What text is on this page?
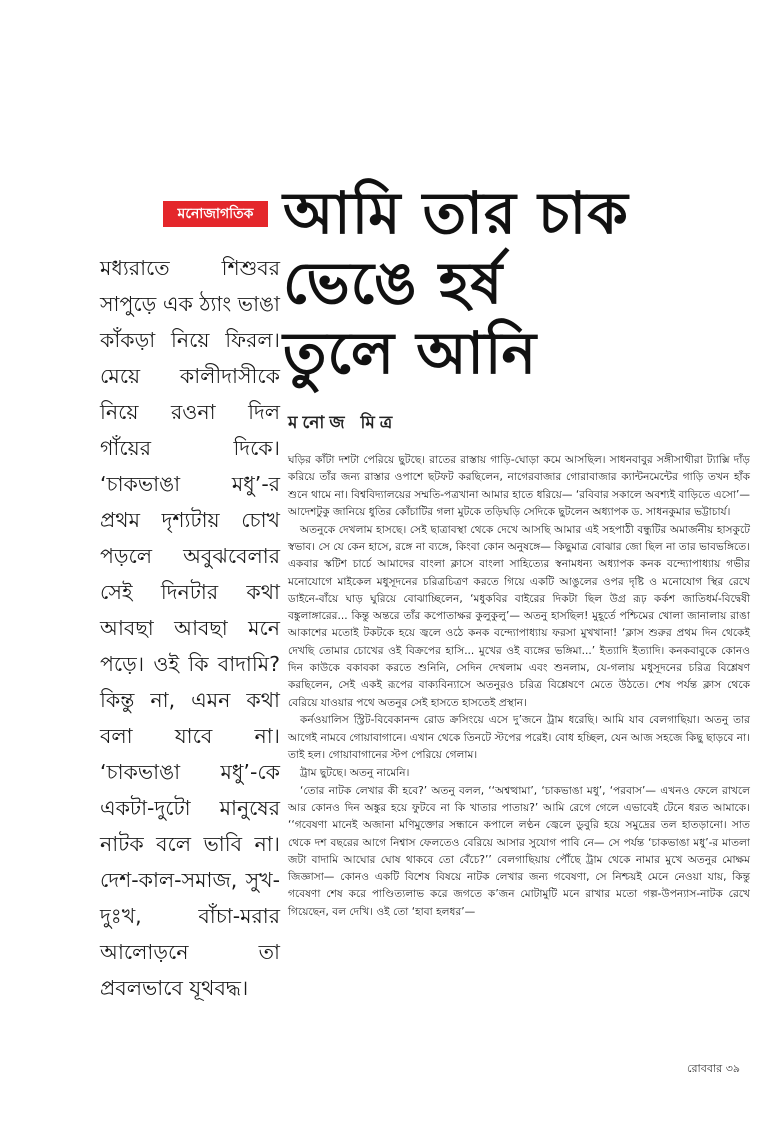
মনোজাগতিক আমি তার চাক
ভেঙে হর্ষ
তুলে আনি
মনোজ মিত্র
মধ্যরাতে শিশুবর সাপুড়ে এক ঠ্যাং ভাঙা কাঁকড়া নিয়ে ফিরল। মেয়ে কালীদাসীকে নিয়ে রওনা দিল গাঁয়ের দিকে। ‘চাকভাঙা মধু’-র প্রথম দৃশ্যটায় চোখ পড়লে অবুঝবেলার সেই দিনটার কথা আবছা আবছা মনে পড়ে। ওই কি বাদামি? কিন্তু না, এমন কথা বলা যাবে না। ‘চাকভাঙা মধু’-কে একটা-দুটো মানুষের নাটক বলে ভাবি না। দেশ-কাল-সমাজ, সুখ-দুঃখ, বাঁচা-মরার আলোড়নে তা প্রবলভাবে যূথবদ্ধ।

ঘড়ির কাঁটা দশটা পেরিয়ে ছুটছে। রাতের রাস্তায় গাড়ি-ঘোড়া কমে আসছিল। সাধনবাবুর সঙ্গীসাথীরা ট্যাক্সি দাঁড় করিয়ে তাঁর জন্য রাস্তার ওপাশে ছটফট করছিলেন, নাগেরবাজার গোরাবাজার ক্যান্টনমেন্টের গাড়ি তখন হাঁক শুনে থামে না। বিশ্ববিদ্যালয়ের সম্মতি-পত্রখানা আমার হাতে ধরিয়ে— ‘রবিবার সকালে অবশ্যই বাড়িতে এসো’— আদেশটুকু জানিয়ে ধুতির কোঁচাটির গলা মুটকে তড়িঘড়ি সেদিকে ছুটলেন অধ্যাপক ড. সাধনকুমার ভট্টাচার্য।

অতনুকে দেখলাম হাসছে। সেই ছাত্রাবস্থা থেকে দেখে আসছি আমার এই সহপাঠী বন্ধুটির অমার্জনীয় হাসকুটে স্বভাব। সে যে কেন হাসে, রঙ্গে না ব্যঙ্গে, কিংবা কোন অনুষঙ্গে— কিছুমাত্র বোঝার জো ছিল না তার ভাবভঙ্গিতে। একবার স্কটিশ চার্চে আমাদের বাংলা ক্লাসে বাংলা সাহিত্যের স্বনামধন্য অধ্যাপক কনক বন্দ্যোপাধ্যায় গভীর মনোযোগে মাইকেল মধুসূদনের চরিত্রচিত্রণ করতে গিয়ে একটি আঙুলের ওপর দৃষ্টি ও মনোযোগ স্থির রেখে ডাইনে-বাঁয়ে ঘাড় ঘুরিয়ে বোঝাচ্ছিলেন, ‘মধুকবির বাইরের দিকটা ছিল উগ্র রূঢ় কর্কশ জাতিধর্ম-বিদ্বেষী বঙ্কুলাঙ্গারের... কিন্তু অন্তরে তাঁর কপোতাক্ষর কুলুকুলু’— অতনু হাসছিল! মুহূর্তে পশ্চিমের খোলা জানালায় রাঙা আকাশের মতোই টকটকে হয়ে জ্বলে ওঠে কনক বন্দ্যোপাধ্যায় ফরসা মুখখানা! ‘ক্লাস শুরুর প্রথম দিন থেকেই দেখছি তোমার চোখের ওই বিক্রপের হাসি... মুখের ওই ব্যঙ্গের ভঙ্গিমা...’ ইত্যাদি ইত্যাদি। কনকবাবুকে কোনও দিন কাউকে বকাবকা করতে শুনিনি, সেদিন দেখলাম এবং শুনলাম, যে-গলায় মধুসূদনের চরিত্র বিশ্লেষণ করছিলেন, সেই একই রূপের বাক্যবিন্যাসে অতনুরও চরিত্র বিশ্লেষণে মেতে উঠতে। শেষ পর্যন্ত ক্লাস থেকে বেরিয়ে যাওয়ার পথে অতনুর সেই হাসতে হাসতেই প্রস্থান।

কর্নওয়ালিস স্ট্রিট-বিবেকানন্দ রোড ক্রসিংয়ে এসে দু’জনে ট্রাম ধরেছি। আমি যাব বেলগাছিয়া। অতনু তার আগেই নামবে গোয়াবাগানে। এখান থেকে তিনটে স্টপের পরেই। বোধ হচ্ছিল, যেন আজ সহজে কিছু ছাড়বে না। তাই হল। গোয়াবাগানের স্টপ পেরিয়ে গেলাম।

ট্রাম ছুটছে। অতনু নামেনি।

‘তোর নাটক লেখার কী হবে?’ অতনু বলল, ‘‘অশ্বত্থামা’, ‘চাকভাঙা মধু’, ‘পরবাস’— এখনও ফেলে রাখলে আর কোনও দিন অঙ্কুর হয়ে ফুটবে না কি খাতার পাতায়?’ আমি রেগে গেলে এভাবেই টেনে ধরত আমাকে। ‘‘গবেষণা মানেই অজানা মণিমুক্তোর সন্ধানে কপালে লণ্ঠন জ্বেলে ডুবুরি হয়ে সমুদ্রের তল হাতড়ানো। সাত থেকে দশ বছরের আগে নিশ্বাস ফেলতেও বেরিয়ে আসার সুযোগ পাবি নে— সে পর্যন্ত ‘চাকভাঙা মধু’-র মাতলা জটা বাদামি আঘোর ঘোষ থাকবে তো বেঁচে?’’ বেলগাছিয়ায় পৌঁছে ট্রাম থেকে নামার মুখে অতনুর মোক্ষম জিজ্ঞাসা— কোনও একটি বিশেষ বিষয়ে নাটক লেখার জন্য গবেষণা, সে নিশ্চয়ই মেনে নেওয়া যায়, কিন্তু গবেষণা শেষ করে পাণ্ডিত্যলাভ করে জগতে ক’জন মোটামুটি মনে রাখার মতো গল্প-উপন্যাস-নাটক রেখে গিয়েছেন, বল দেখি। ওই তো ‘হাবা হলধর’—

রোববার ৩৯
